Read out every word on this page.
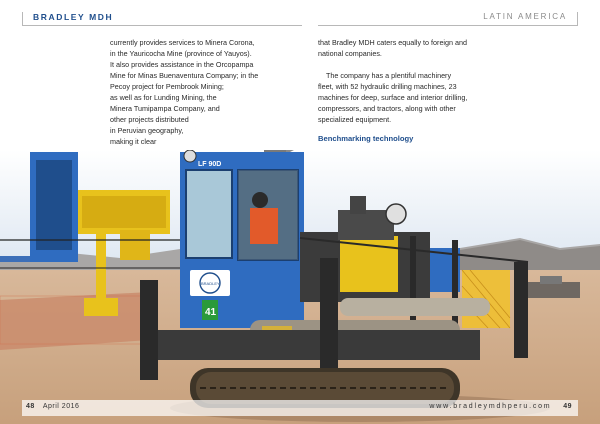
BRADLEY MDH	LATIN AMERICA

currently provides services to Minera Corona,
in the Yauricocha Mine (province of Yauyos).
It also provides assistance in the Orcopampa
Mine for Minas Buenaventura Company; in the
Pecoy project for Pembrook Mining;
as well as for Lunding Mining, the
Minera Tumipampa Company, and
other projects distributed
in Peruvian geography,
making it clear

that Bradley MDH caters equally to foreign and
national companies.

The company has a plentiful machinery
fleet, with 52 hydraulic drilling machines, 23
machines for deep, surface and interior drilling,
compressors, and tractors, along with other
specialized equipment.

Benchmarking technology

LF 90D
BRADLEY
41
48 April 2016	www.bradleymdhperu.com 49
